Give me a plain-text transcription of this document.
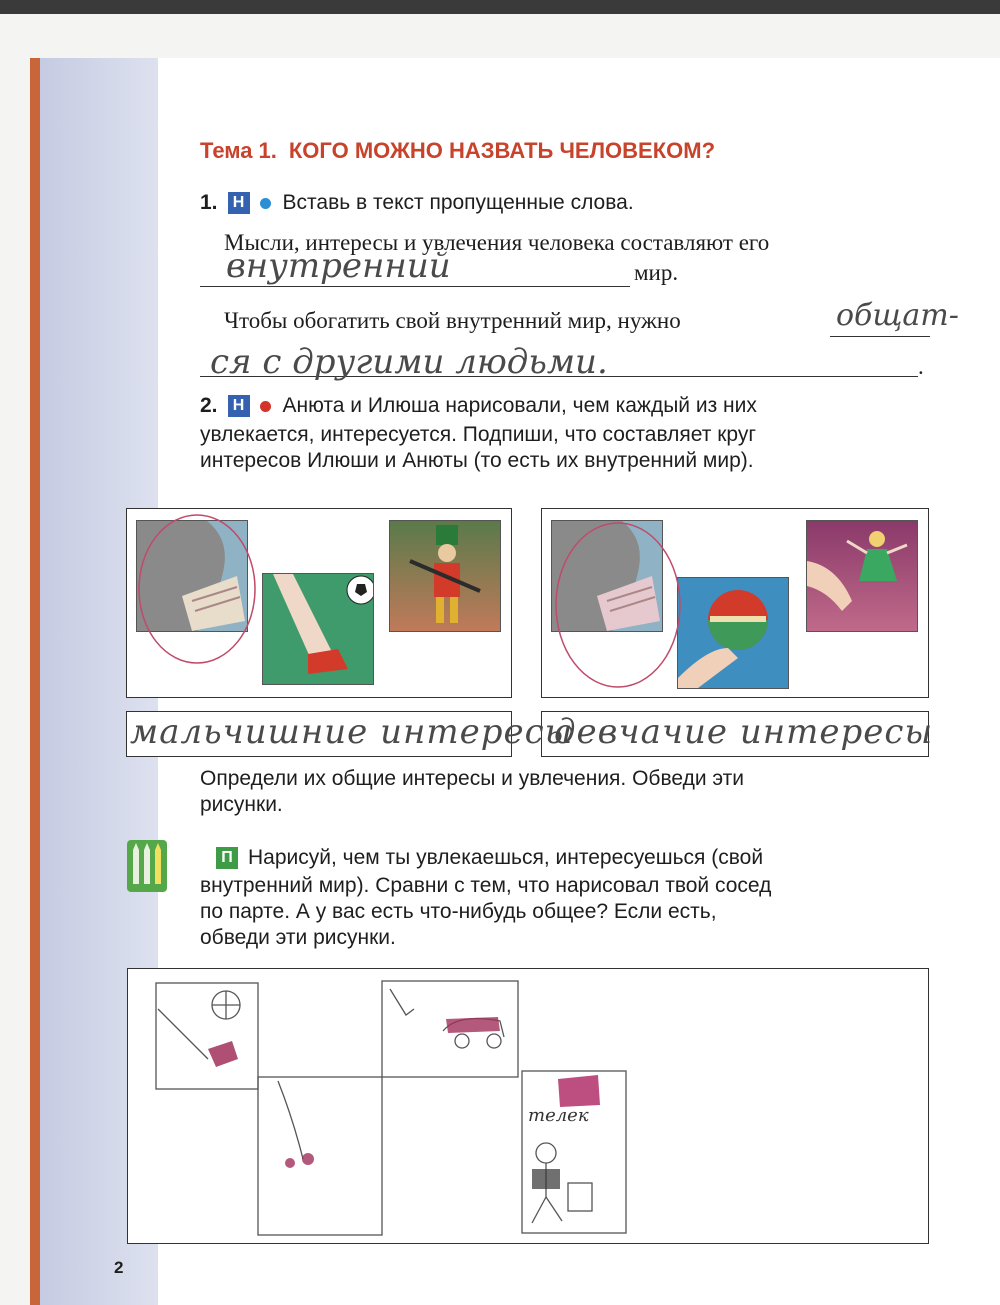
Тема 1. КОГО МОЖНО НАЗВАТЬ ЧЕЛОВЕКОМ?
1. Н Вставь в текст пропущенные слова.
Мысли, интересы и увлечения человека составляют его
внутренний	мир.
Чтобы обогатить свой внутренний мир, нужно	общат-
ся с другими людьми.	.
2. Н Анюта и Илюша нарисовали, чем каждый из них
увлекается, интересуется. Подпиши, что составляет круг
интересов Илюши и Анюты (то есть их внутренний мир).
мальчишние интересы
девчачие интересы
Определи их общие интересы и увлечения. Обведи эти
рисунки.
П Нарисуй, чем ты увлекаешься, интересуешься (свой
внутренний мир). Сравни с тем, что нарисовал твой сосед
по парте. А у вас есть что-нибудь общее? Если есть,
обведи эти рисунки.
телек
2
